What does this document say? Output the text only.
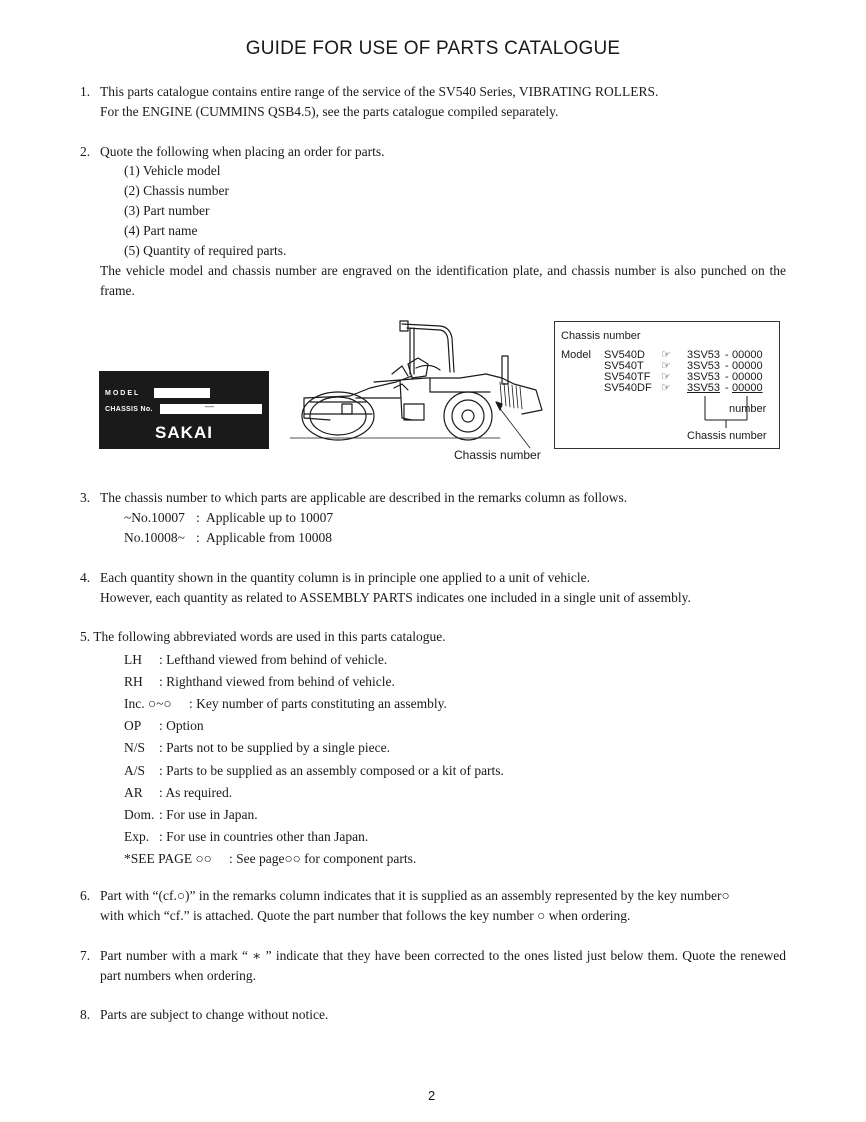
GUIDE FOR USE OF PARTS CATALOGUE
1. This parts catalogue contains entire range of the service of the SV540 Series, VIBRATING ROLLERS.
For the ENGINE (CUMMINS QSB4.5), see the parts catalogue compiled separately.
2. Quote the following when placing an order for parts.
(1) Vehicle model
(2) Chassis number
(3) Part number
(4) Part name
(5) Quantity of required parts.
The vehicle model and chassis number are engraved on the identification plate, and chassis number is also punched on the frame.
MODEL
CHASSIS No.	—
SAKAI
Chassis number
Chassis number
Model SV540D ☞ 3SV53 - 00000
SV540T ☞ 3SV53 - 00000
SV540TF ☞ 3SV53 - 00000
SV540DF ☞ 3SV53 - 00000
number
Chassis number
3. The chassis number to which parts are applicable are described in the remarks column as follows.
~No.10007 : Applicable up to 10007
No.10008~ : Applicable from 10008
4. Each quantity shown in the quantity column is in principle one applied to a unit of vehicle.
However, each quantity as related to ASSEMBLY PARTS indicates one included in a single unit of assembly.
5. The following abbreviated words are used in this parts catalogue.
LH : Lefthand viewed from behind of vehicle.
RH : Righthand viewed from behind of vehicle.
Inc. ○~○ : Key number of parts constituting an assembly.
OP : Option
N/S : Parts not to be supplied by a single piece.
A/S : Parts to be supplied as an assembly composed or a kit of parts.
AR : As required.
Dom. : For use in Japan.
Exp. : For use in countries other than Japan.
*SEE PAGE ○○ : See page○○ for component parts.
6. Part with “(cf.○)” in the remarks column indicates that it is supplied as an assembly represented by the key number○
with which “cf.” is attached. Quote the part number that follows the key number ○ when ordering.
7. Part number with a mark “ ∗ ” indicate that they have been corrected to the ones listed just below them. Quote the renewed part numbers when ordering.
8. Parts are subject to change without notice.
2
